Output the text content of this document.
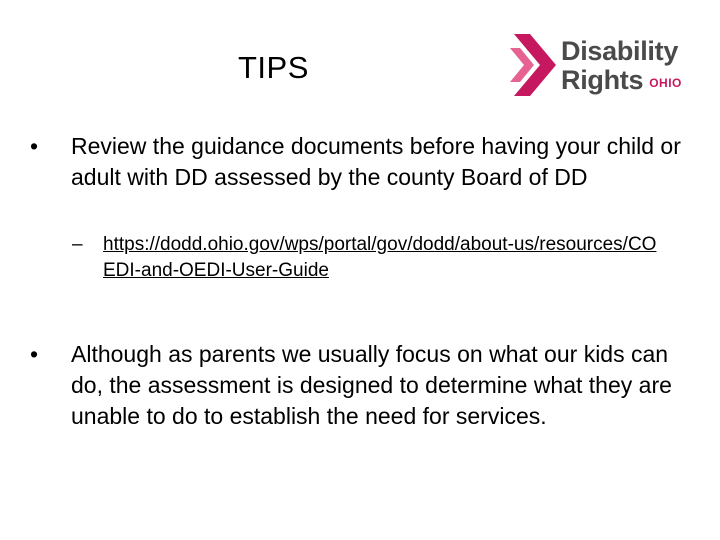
TIPS	Disability
Rights OHIO
•	Review the guidance documents before having your child or adult with DD assessed by the county Board of DD
– https://dodd.ohio.gov/wps/portal/gov/dodd/about-us/resources/COEDI-and-OEDI-User-Guide
•	Although as parents we usually focus on what our kids can do, the assessment is designed to determine what they are unable to do to establish the need for services.
